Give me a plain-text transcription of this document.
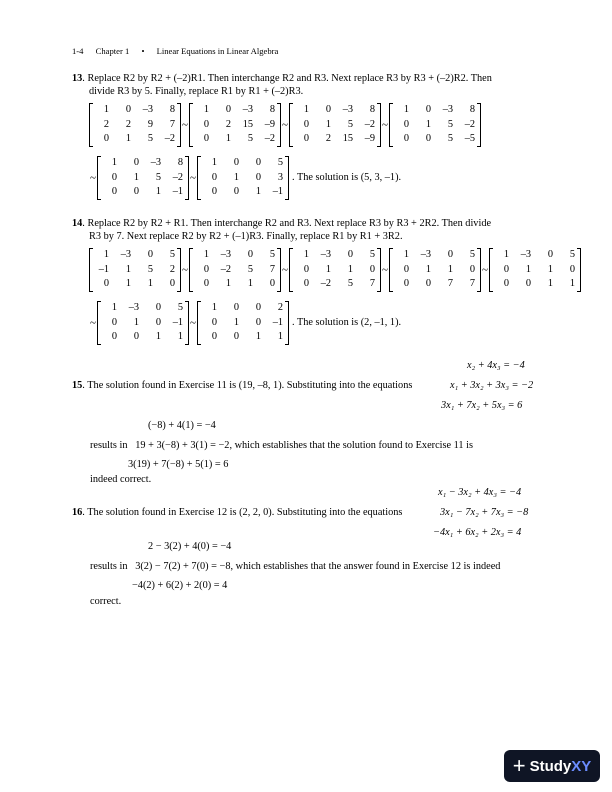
1-4 Chapter 1 • Linear Equations in Linear Algebra
13. Replace R2 by R2 + (–2)R1. Then interchange R2 and R3. Next replace R3 by R3 + (–2)R2. Then
divide R3 by 5. Finally, replace R1 by R1 + (–2)R3.
1	0	–3	8
2	2	9	7
0	1	5	–2
~
1	0	–3	8
0	2	15	–9
0	1	5	–2
~
1	0	–3	8
0	1	5	–2
0	2	15	–9
~
1	0	–3	8
0	1	5	–2
0	0	5	–5
~
1	0	–3	8
0	1	5	–2
0	0	1	–1
~
1	0	0	5
0	1	0	3
0	0	1	–1
. The solution is (5, 3, –1).
14. Replace R2 by R2 + R1. Then interchange R2 and R3. Next replace R3 by R3 + 2R2. Then divide
R3 by 7. Next replace R2 by R2 + (–1)R3. Finally, replace R1 by R1 + 3R2.
1	–3	0	5
–1	1	5	2
0	1	1	0
~
1	–3	0	5
0	–2	5	7
0	1	1	0
~
1	–3	0	5
0	1	1	0
0	–2	5	7
~
1	–3	0	5
0	1	1	0
0	0	7	7
~
1	–3	0	5
0	1	1	0
0	0	1	1
~
1	–3	0	5
0	1	0	–1
0	0	1	1
~
1	0	0	2
0	1	0	–1
0	0	1	1
. The solution is (2, –1, 1).
x₂ + 4x₃ = −4
15. The solution found in Exercise 11 is (19, –8, 1). Substituting into the equations	x₁ + 3x₂ + 3x₃ = −2
3x₁ + 7x₂ + 5x₃ = 6
(−8) + 4(1) = −4
results in 19 + 3(−8) + 3(1) = −2, which establishes that the solution found to Exercise 11 is
3(19) + 7(−8) + 5(1) = 6
indeed correct.
x₁ − 3x₂ + 4x₃ = −4
16. The solution found in Exercise 12 is (2, 2, 0). Substituting into the equations	3x₁ − 7x₂ + 7x₃ = −8
−4x₁ + 6x₂ + 2x₃ = 4
2 − 3(2) + 4(0) = −4
results in 3(2) − 7(2) + 7(0) = −8, which establishes that the answer found in Exercise 12 is indeed
−4(2) + 6(2) + 2(0) = 4
correct.
+ Study XY
